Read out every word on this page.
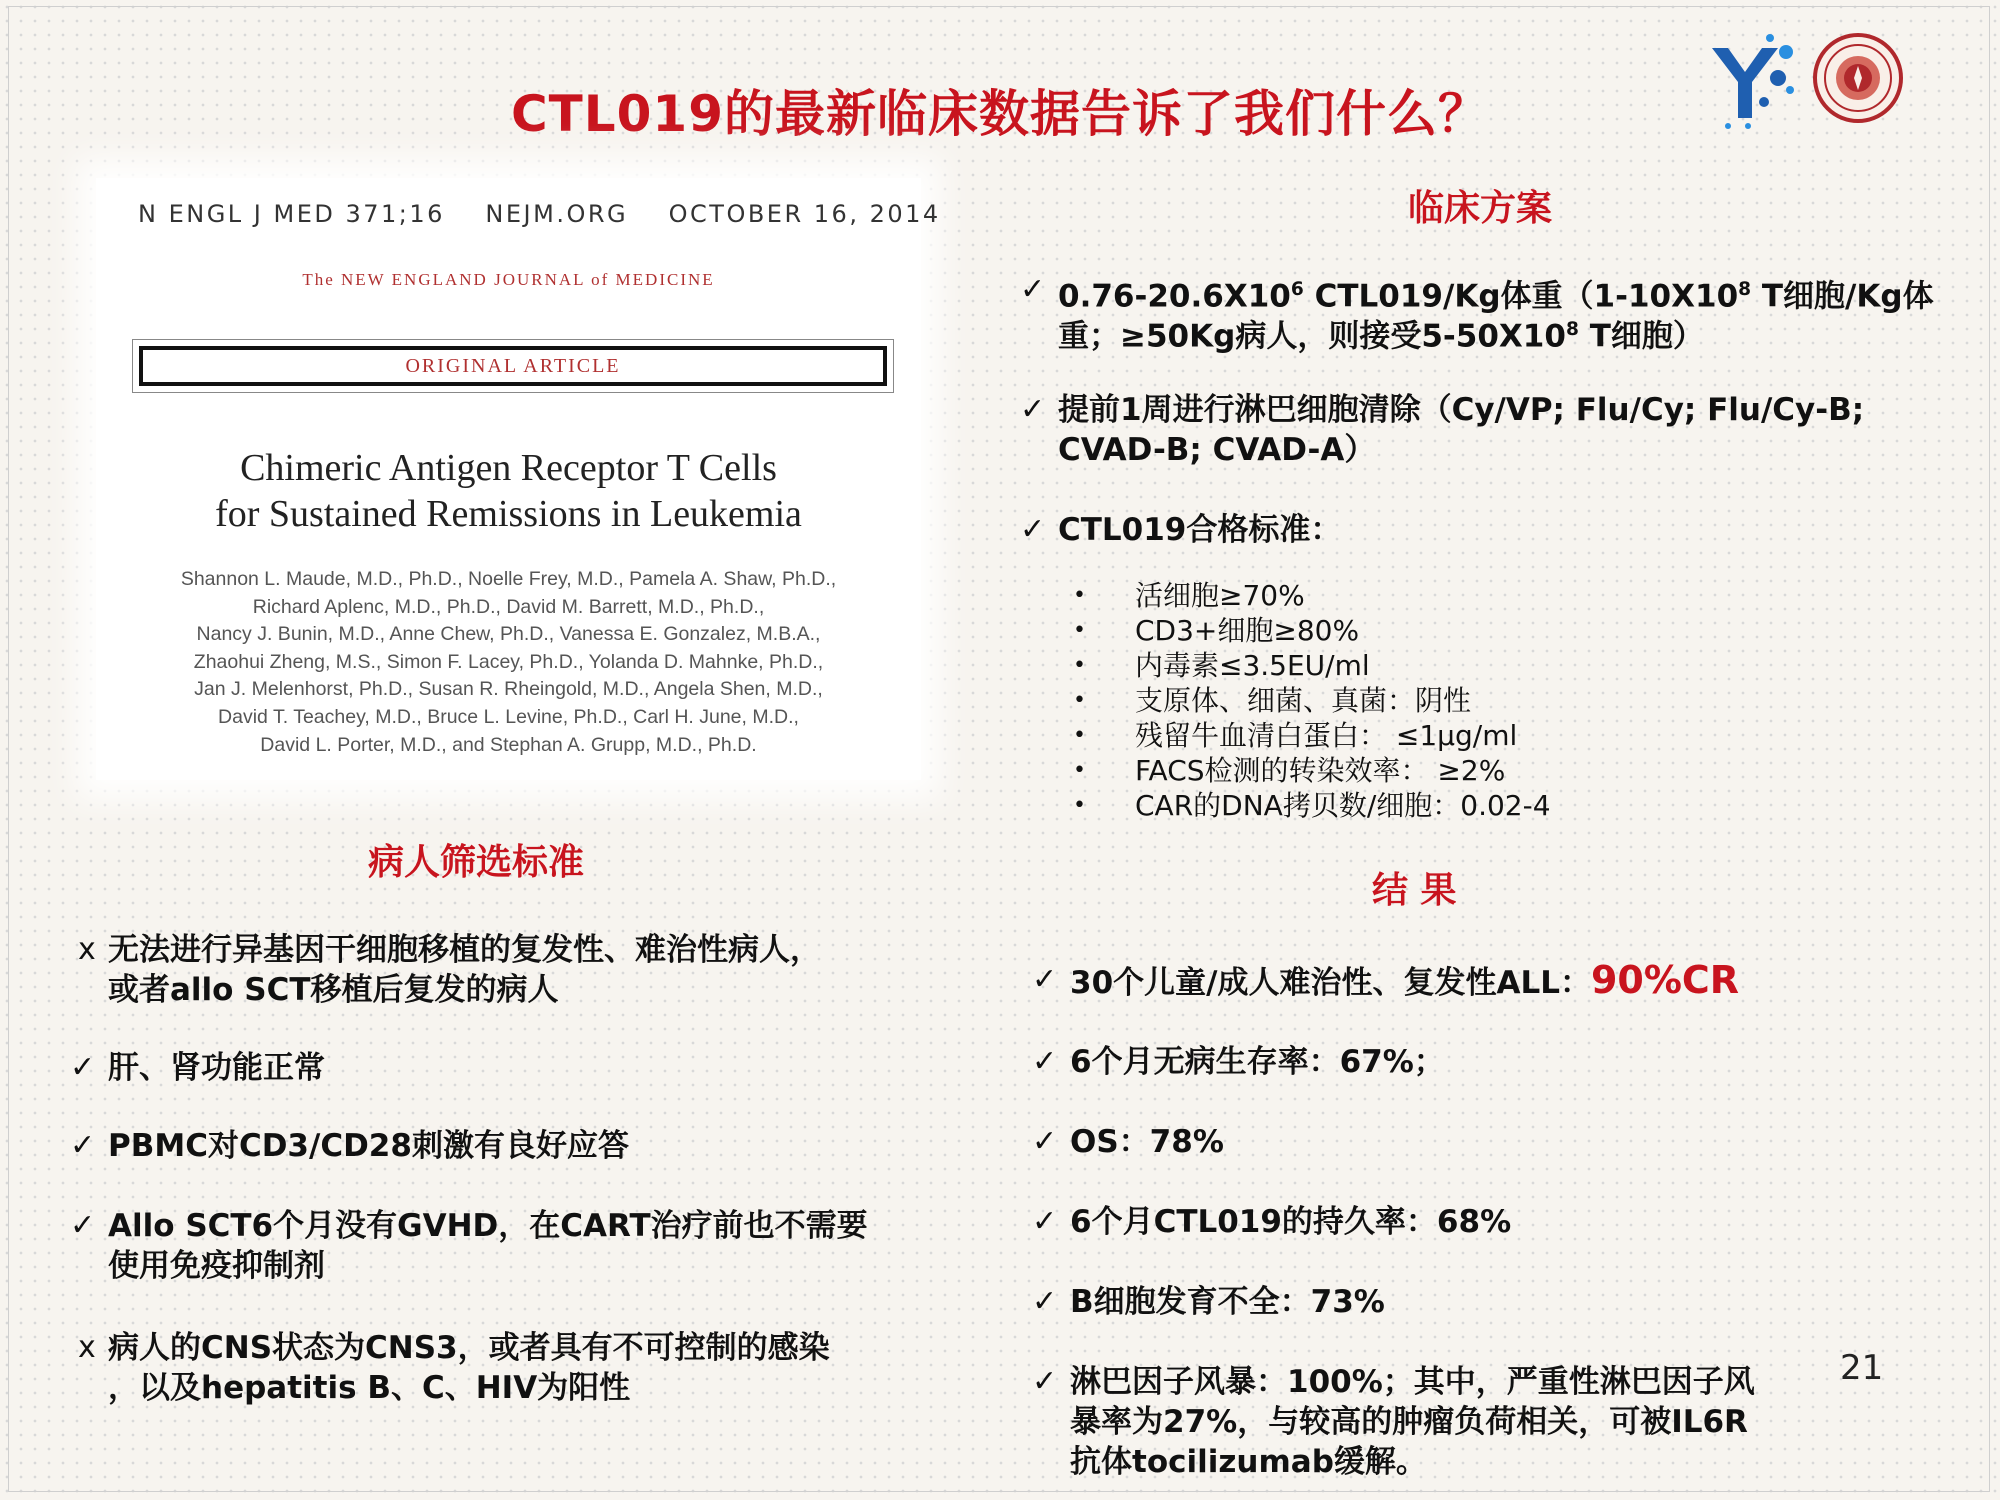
CTL019的最新临床数据告诉了我们什么？
N ENGL J MED 371;16    NEJM.ORG    OCTOBER 16, 2014
The NEW ENGLAND JOURNAL of MEDICINE
ORIGINAL ARTICLE
Chimeric Antigen Receptor T Cells
for Sustained Remissions in Leukemia
Shannon L. Maude, M.D., Ph.D., Noelle Frey, M.D., Pamela A. Shaw, Ph.D.,
Richard Aplenc, M.D., Ph.D., David M. Barrett, M.D., Ph.D.,
Nancy J. Bunin, M.D., Anne Chew, Ph.D., Vanessa E. Gonzalez, M.B.A.,
Zhaohui Zheng, M.S., Simon F. Lacey, Ph.D., Yolanda D. Mahnke, Ph.D.,
Jan J. Melenhorst, Ph.D., Susan R. Rheingold, M.D., Angela Shen, M.D.,
David T. Teachey, M.D., Bruce L. Levine, Ph.D., Carl H. June, M.D.,
David L. Porter, M.D., and Stephan A. Grupp, M.D., Ph.D.
病人筛选标准
x 无法进行异基因干细胞移植的复发性、难治性病人，
或者allo SCT移植后复发的病人
✓ 肝、肾功能正常
✓ PBMC对CD3/CD28刺激有良好应答
✓ Allo SCT6个月没有GVHD，在CART治疗前也不需要
使用免疫抑制剂
x 病人的CNS状态为CNS3，或者具有不可控制的感染
，以及hepatitis B、C、HIV为阳性
临床方案
✓ $0.76-20.6X10^6$ CTL019/Kg体重（$1-10X10^8$ T细胞/Kg体
重；≥50Kg病人，则接受$5-50X10^8$ T细胞）
✓ 提前1周进行淋巴细胞清除（Cy/VP; Flu/Cy; Flu/Cy-B;
CVAD-B; CVAD-A）
✓ CTL019合格标准：
• 活细胞≥70%
• CD3+细胞≥80%
• 内毒素≤3.5EU/ml
• 支原体、细菌、真菌：阴性
• 残留牛血清白蛋白： ≤1μg/ml
• FACS检测的转染效率： ≥2%
• CAR的DNA拷贝数/细胞：0.02-4
结 果
✓ 30个儿童/成人难治性、复发性ALL：90%CR
✓ 6个月无病生存率：67%；
✓ OS：78%
✓ 6个月CTL019的持久率：68%
✓ B细胞发育不全：73%
✓ 淋巴因子风暴：100%；其中，严重性淋巴因子风
暴率为27%，与较高的肿瘤负荷相关，可被IL6R
抗体tocilizumab缓解。
21
